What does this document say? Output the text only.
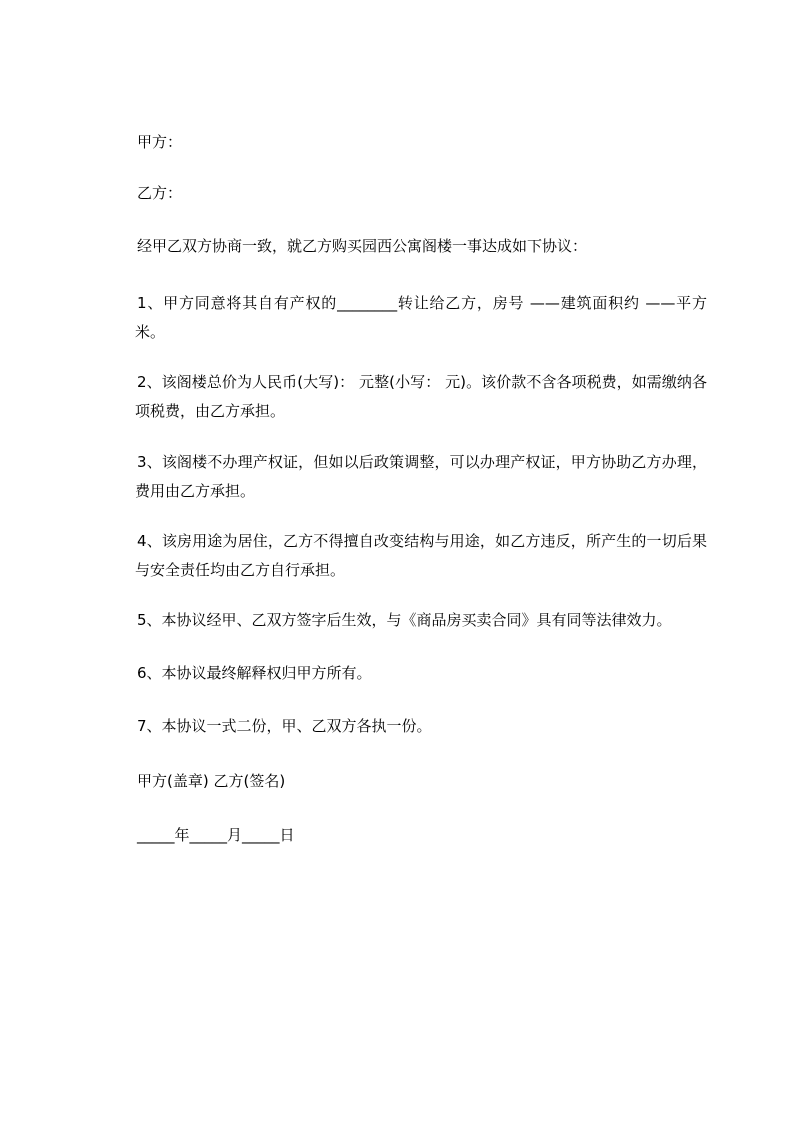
甲方：
乙方：
经甲乙双方协商一致，就乙方购买园西公寓阁楼一事达成如下协议：
1、甲方同意将其自有产权的________转让给乙方，房号 ——建筑面积约 ——平方米。
2、该阁楼总价为人民币(大写)： 元整(小写： 元)。该价款不含各项税费，如需缴纳各项税费，由乙方承担。
3、该阁楼不办理产权证，但如以后政策调整，可以办理产权证，甲方协助乙方办理，费用由乙方承担。
4、该房用途为居住，乙方不得擅自改变结构与用途，如乙方违反，所产生的一切后果与安全责任均由乙方自行承担。
5、本协议经甲、乙双方签字后生效，与《商品房买卖合同》具有同等法律效力。
6、本协议最终解释权归甲方所有。
7、本协议一式二份，甲、乙双方各执一份。
甲方(盖章) 乙方(签名)
_____年_____月_____日
